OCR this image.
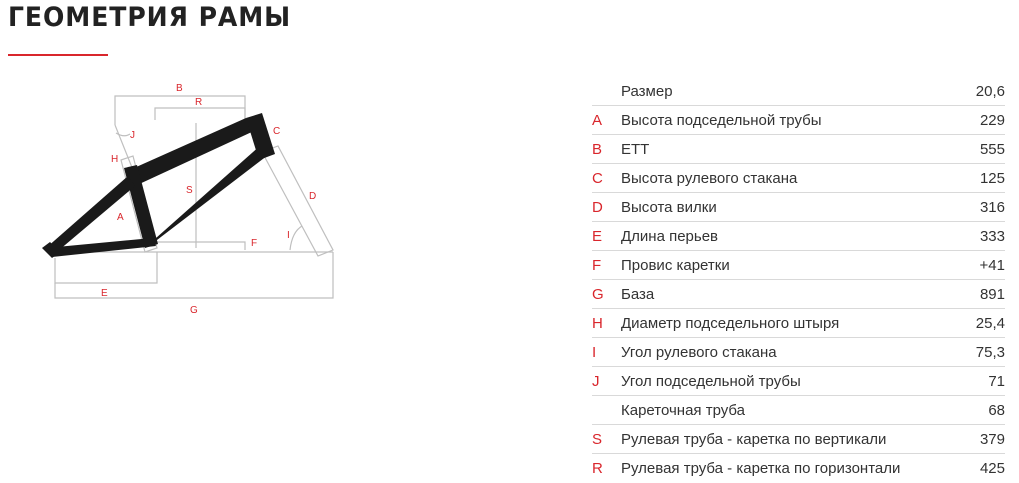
ГЕОМЕТРИЯ РАМЫ
B
R
C
J
H
S
D
A
I
F
E
G
	Размер	20,6
A	Высота подседельной трубы	229
B	ETT	555
C	Высота рулевого стакана	125
D	Высота вилки	316
E	Длина перьев	333
F	Провис каретки	+41
G	База	891
H	Диаметр подседельного штыря	25,4
I	Угол рулевого стакана	75,3
J	Угол подседельной трубы	71
	Кареточная труба	68
S	Рулевая труба - каретка по вертикали	379
R	Рулевая труба - каретка по горизонтали	425
